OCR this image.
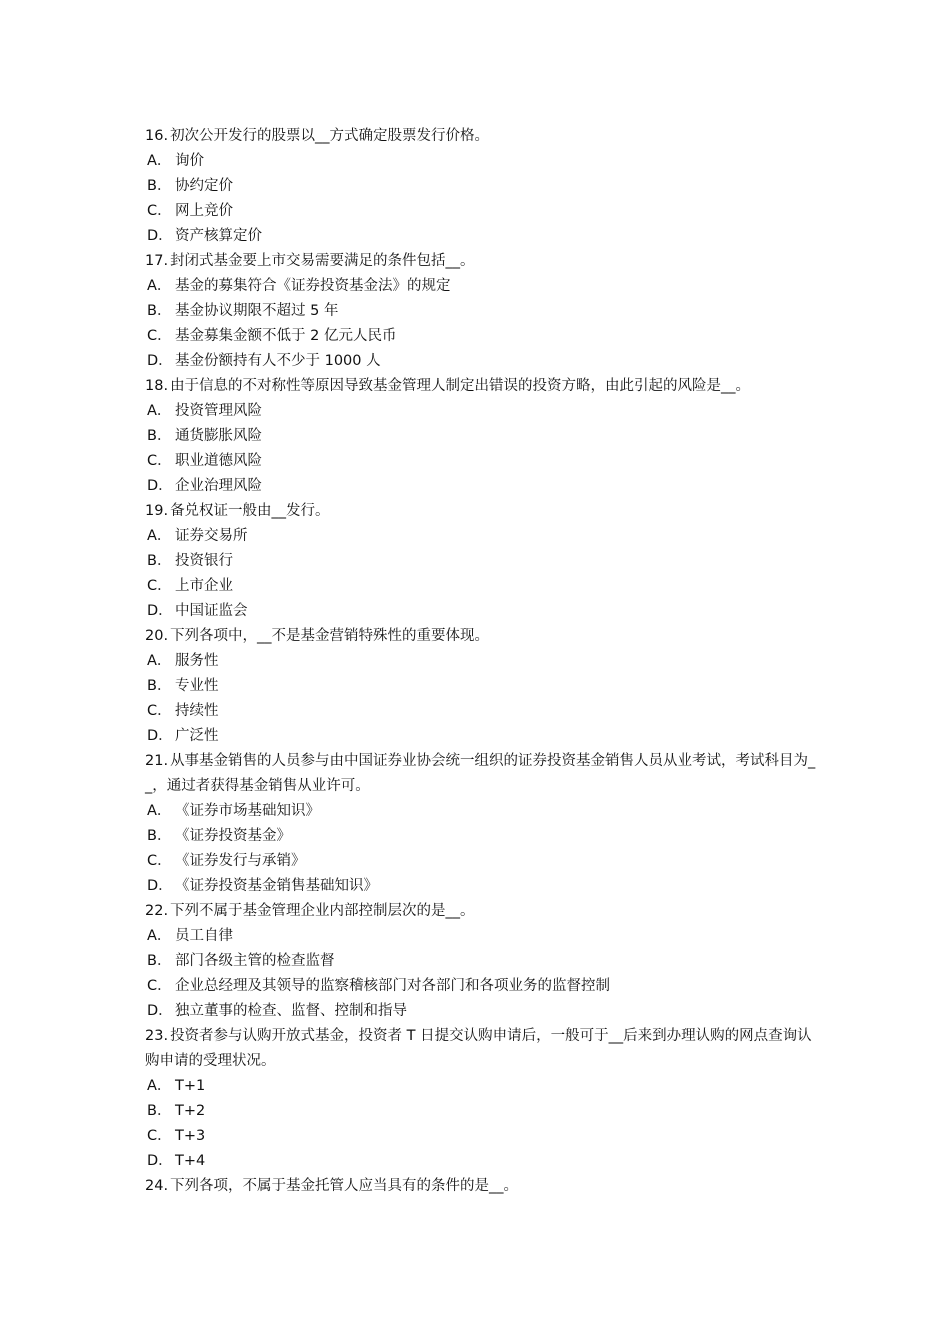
16. 初次公开发行的股票以__方式确定股票发行价格。
A． 询价
B． 协约定价
C． 网上竞价
D． 资产核算定价
17. 封闭式基金要上市交易需要满足的条件包括__。
A． 基金的募集符合《证券投资基金法》的规定
B． 基金协议期限不超过 5 年
C． 基金募集金额不低于 2 亿元人民币
D． 基金份额持有人不少于 1000 人
18. 由于信息的不对称性等原因导致基金管理人制定出错误的投资方略，由此引起的风险是__。
A． 投资管理风险
B． 通货膨胀风险
C． 职业道德风险
D． 企业治理风险
19. 备兑权证一般由__发行。
A． 证券交易所
B． 投资银行
C． 上市企业
D． 中国证监会
20. 下列各项中，__不是基金营销特殊性的重要体现。
A． 服务性
B． 专业性
C． 持续性
D． 广泛性
21. 从事基金销售的人员参与由中国证券业协会统一组织的证券投资基金销售人员从业考试，考试科目为__，通过者获得基金销售从业许可。
A． 《证券市场基础知识》
B． 《证券投资基金》
C． 《证券发行与承销》
D． 《证券投资基金销售基础知识》
22. 下列不属于基金管理企业内部控制层次的是__。
A． 员工自律
B． 部门各级主管的检查监督
C． 企业总经理及其领导的监察稽核部门对各部门和各项业务的监督控制
D． 独立董事的检查、监督、控制和指导
23. 投资者参与认购开放式基金，投资者 T 日提交认购申请后，一般可于__后来到办理认购的网点查询认购申请的受理状况。
A． T+1
B． T+2
C． T+3
D． T+4
24. 下列各项，不属于基金托管人应当具有的条件的是__。
